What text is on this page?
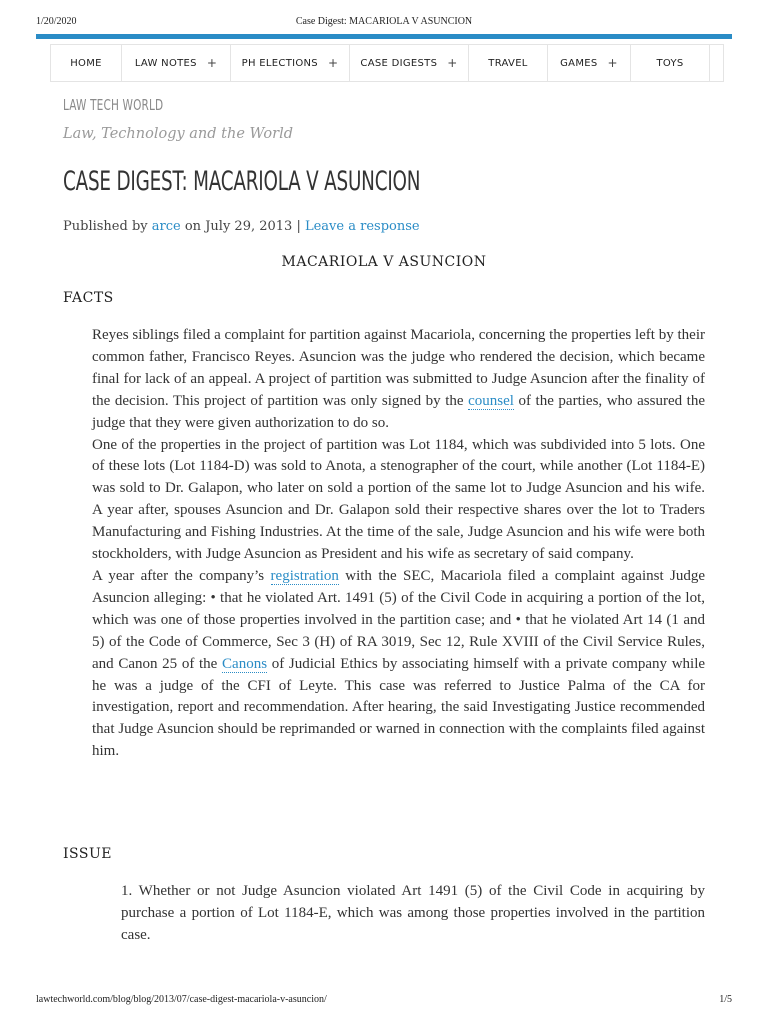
1/20/2020	Case Digest: MACARIOLA V ASUNCION
HOME	LAW NOTES + PH ELECTIONS + CASE DIGESTS +	TRAVEL	GAMES +	TOYS
LAW TECH WORLD
Law, Technology and the World
CASE DIGEST: MACARIOLA V ASUNCION
Published by arce on July 29, 2013 | Leave a response
MACARIOLA V ASUNCION
FACTS

Reyes siblings filed a complaint for partition against Macariola, concerning the properties left by their common father, Francisco Reyes. Asuncion was the judge who rendered the decision, which became final for lack of an appeal. A project of partition was submitted to Judge Asuncion after the finality of the decision. This project of partition was only signed by the counsel of the parties, who assured the judge that they were given authorization to do so.

One of the properties in the project of partition was Lot 1184, which was subdivided into 5 lots. One of these lots (Lot 1184-D) was sold to Anota, a stenographer of the court, while another (Lot 1184-E) was sold to Dr. Galapon, who later on sold a portion of the same lot to Judge Asuncion and his wife. A year after, spouses Asuncion and Dr. Galapon sold their respective shares over the lot to Traders Manufacturing and Fishing Industries. At the time of the sale, Judge Asuncion and his wife were both stockholders, with Judge Asuncion as President and his wife as secretary of said company.

A year after the company’s registration with the SEC, Macariola filed a complaint against Judge Asuncion alleging: • that he violated Art. 1491 (5) of the Civil Code in acquiring a portion of the lot, which was one of those properties involved in the partition case; and • that he violated Art 14 (1 and 5) of the Code of Commerce, Sec 3 (H) of RA 3019, Sec 12, Rule XVIII of the Civil Service Rules, and Canon 25 of the Canons of Judicial Ethics by associating himself with a private company while he was a judge of the CFI of Leyte. This case was referred to Justice Palma of the CA for investigation, report and recommendation. After hearing, the said Investigating Justice recommended that Judge Asuncion should be reprimanded or warned in connection with the complaints filed against him.

ISSUE
1. Whether or not Judge Asuncion violated Art 1491 (5) of the Civil Code in acquiring by purchase a portion of Lot 1184-E, which was among those properties involved in the partition case.
lawtechworld.com/blog/blog/2013/07/case-digest-macariola-v-asuncion/	1/5
